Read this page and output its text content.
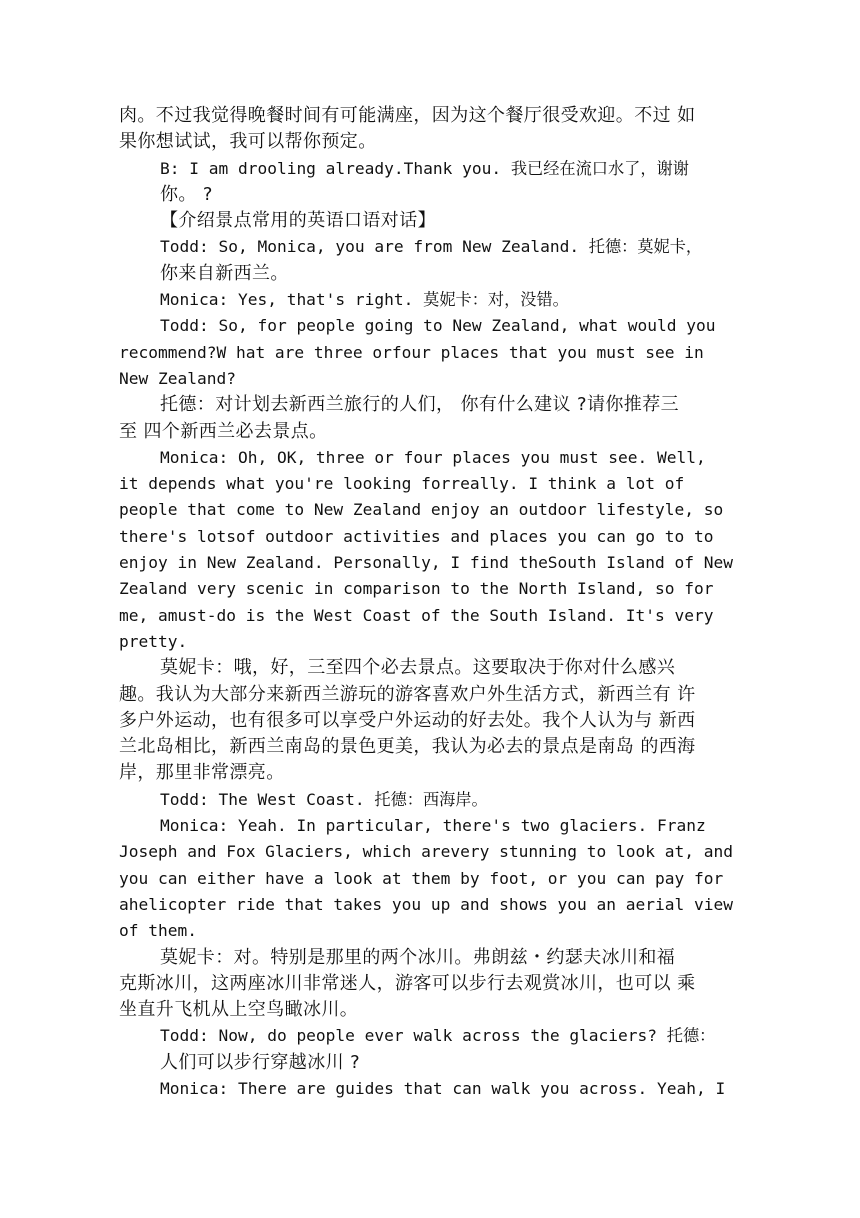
肉。不过我觉得晚餐时间有可能满座，因为这个餐厅很受欢迎。不过 如
果你想试试，我可以帮你预定。
B: I am drooling already.Thank you. 我已经在流口水了，谢谢
你。 ?
【介绍景点常用的英语口语对话】
Todd: So, Monica, you are from New Zealand. 托德：莫妮卡，
你来自新西兰。
Monica: Yes, that's right. 莫妮卡：对，没错。
Todd: So, for people going to New Zealand, what would you
recommend?W hat are three orfour places that you must see in
New Zealand?
托德：对计划去新西兰旅行的人们， 你有什么建议 ?请你推荐三
至 四个新西兰必去景点。
Monica: Oh, OK, three or four places you must see. Well,
it depends what you're looking forreally. I think a lot of
people that come to New Zealand enjoy an outdoor lifestyle, so
there's lotsof outdoor activities and places you can go to to
enjoy in New Zealand. Personally, I find theSouth Island of New
Zealand very scenic in comparison to the North Island, so for
me, amust-do is the West Coast of the South Island. It's very
pretty.
莫妮卡：哦，好，三至四个必去景点。这要取决于你对什么感兴
趣。我认为大部分来新西兰游玩的游客喜欢户外生活方式，新西兰有 许
多户外运动，也有很多可以享受户外运动的好去处。我个人认为与 新西
兰北岛相比，新西兰南岛的景色更美，我认为必去的景点是南岛 的西海
岸，那里非常漂亮。
Todd: The West Coast. 托德：西海岸。
Monica: Yeah. In particular, there's two glaciers. Franz
Joseph and Fox Glaciers, which arevery stunning to look at, and
you can either have a look at them by foot, or you can pay for
ahelicopter ride that takes you up and shows you an aerial view
of them.
莫妮卡：对。特别是那里的两个冰川。弗朗兹・约瑟夫冰川和福
克斯冰川，这两座冰川非常迷人，游客可以步行去观赏冰川，也可以 乘
坐直升飞机从上空鸟瞰冰川。
Todd: Now, do people ever walk across the glaciers? 托德：
人们可以步行穿越冰川 ?
Monica: There are guides that can walk you across. Yeah, I
